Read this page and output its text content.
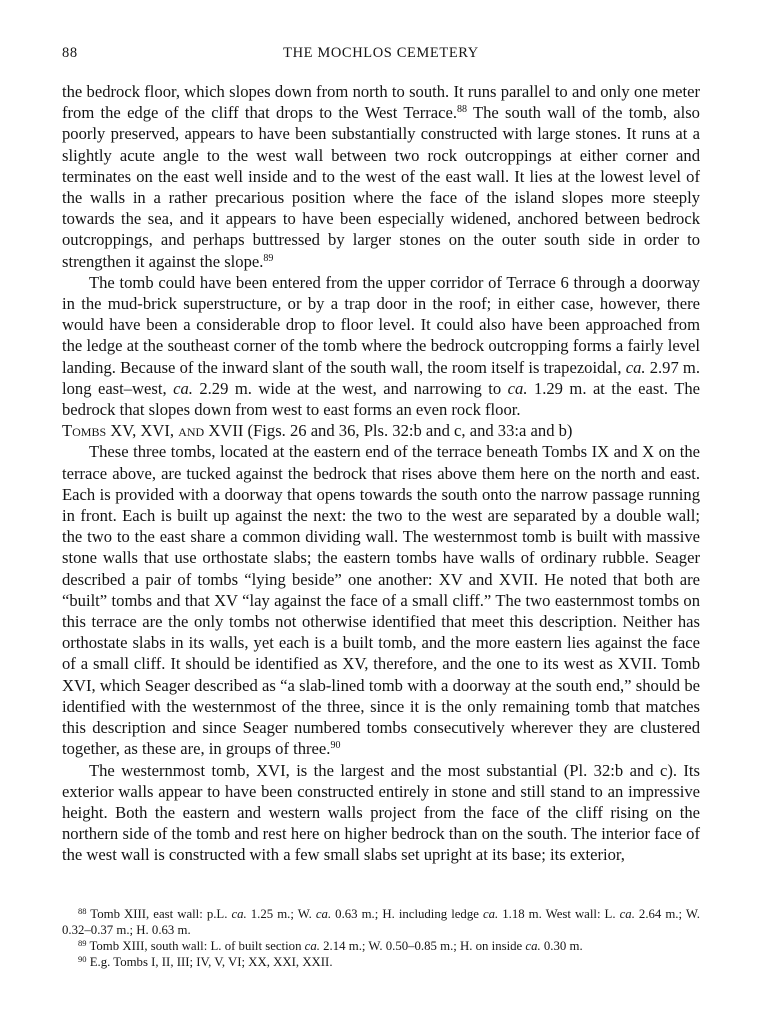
88	THE MOCHLOS CEMETERY

the bedrock floor, which slopes down from north to south. It runs parallel to and only one meter from the edge of the cliff that drops to the West Terrace.$^{88}$ The south wall of the tomb, also poorly preserved, appears to have been substantially constructed with large stones. It runs at a slightly acute angle to the west wall between two rock outcroppings at either corner and terminates on the east well inside and to the west of the east wall. It lies at the lowest level of the walls in a rather precarious position where the face of the island slopes more steeply towards the sea, and it appears to have been especially widened, anchored between bedrock outcroppings, and perhaps buttressed by larger stones on the outer south side in order to strengthen it against the slope.$^{89}$

The tomb could have been entered from the upper corridor of Terrace 6 through a doorway in the mud-brick superstructure, or by a trap door in the roof; in either case, however, there would have been a considerable drop to floor level. It could also have been approached from the ledge at the southeast corner of the tomb where the bedrock outcropping forms a fairly level landing. Because of the inward slant of the south wall, the room itself is trapezoidal, ca. 2.97 m. long east–west, ca. 2.29 m. wide at the west, and narrowing to ca. 1.29 m. at the east. The bedrock that slopes down from west to east forms an even rock floor.

Tombs XV, XVI, and XVII (Figs. 26 and 36, Pls. 32:b and c, and 33:a and b)

These three tombs, located at the eastern end of the terrace beneath Tombs IX and X on the terrace above, are tucked against the bedrock that rises above them here on the north and east. Each is provided with a doorway that opens towards the south onto the narrow passage running in front. Each is built up against the next: the two to the west are separated by a double wall; the two to the east share a common dividing wall. The westernmost tomb is built with massive stone walls that use orthostate slabs; the eastern tombs have walls of ordinary rubble. Seager described a pair of tombs “lying beside” one another: XV and XVII. He noted that both are “built” tombs and that XV “lay against the face of a small cliff.” The two easternmost tombs on this terrace are the only tombs not otherwise identified that meet this description. Neither has orthostate slabs in its walls, yet each is a built tomb, and the more eastern lies against the face of a small cliff. It should be identified as XV, therefore, and the one to its west as XVII. Tomb XVI, which Seager described as “a slab-lined tomb with a doorway at the south end,” should be identified with the westernmost of the three, since it is the only remaining tomb that matches this description and since Seager numbered tombs consecutively wherever they are clustered together, as these are, in groups of three.$^{90}$

The westernmost tomb, XVI, is the largest and the most substantial (Pl. 32:b and c). Its exterior walls appear to have been constructed entirely in stone and still stand to an impressive height. Both the eastern and western walls project from the face of the cliff rising on the northern side of the tomb and rest here on higher bedrock than on the south. The interior face of the west wall is constructed with a few small slabs set upright at its base; its exterior,

$^{88}$ Tomb XIII, east wall: p.L. ca. 1.25 m.; W. ca. 0.63 m.; H. including ledge ca. 1.18 m. West wall: L. ca. 2.64 m.; W. 0.32–0.37 m.; H. 0.63 m.

$^{89}$ Tomb XIII, south wall: L. of built section ca. 2.14 m.; W. 0.50–0.85 m.; H. on inside ca. 0.30 m.

$^{90}$ E.g. Tombs I, II, III; IV, V, VI; XX, XXI, XXII.
